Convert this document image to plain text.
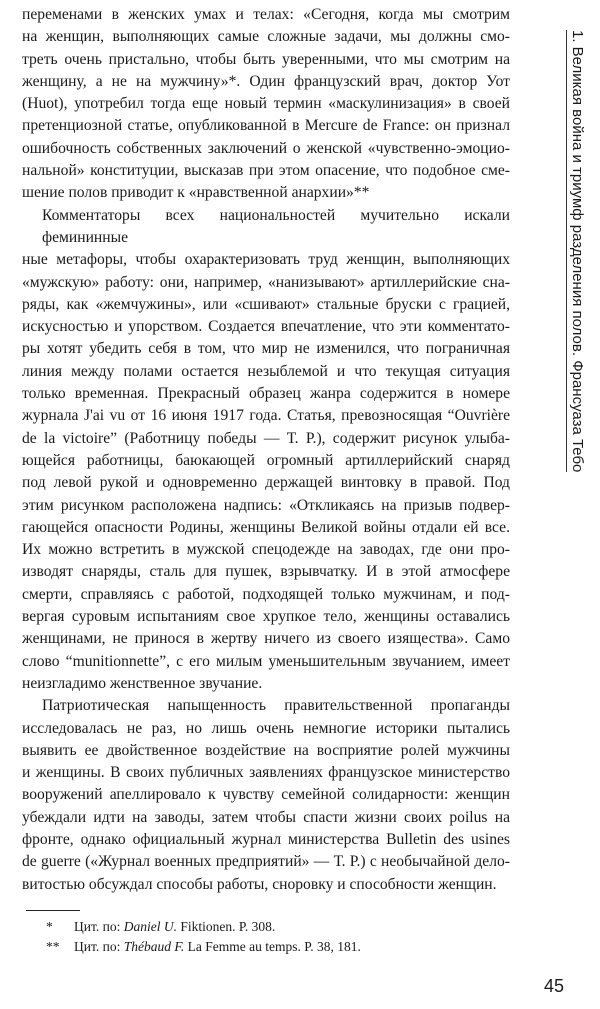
1. Великая война и триумф разделения полов. Франсуаза Тебо
переменами в женских умах и телах: «Сегодня, когда мы смотрим
на женщин, выполняющих самые сложные задачи, мы должны смо-
треть очень пристально, чтобы быть уверенными, что мы смотрим на
женщину, а не на мужчину»*. Один французский врач, доктор Уот
(Huot), употребил тогда еще новый термин «маскулинизация» в своей
претенциозной статье, опубликованной в Mercure de France: он признал
ошибочность собственных заключений о женской «чувственно-эмоцио-
нальной» конституции, высказав при этом опасение, что подобное сме-
шение полов приводит к «нравственной анархии»**
Комментаторы всех национальностей мучительно искали фемининные
ные метафоры, чтобы охарактеризовать труд женщин, выполняющих
«мужскую» работу: они, например, «нанизывают» артиллерийские сна-
ряды, как «жемчужины», или «сшивают» стальные бруски с грацией,
искусностью и упорством. Создается впечатление, что эти комментато-
ры хотят убедить себя в том, что мир не изменился, что пограничная
линия между полами остается незыблемой и что текущая ситуация
только временная. Прекрасный образец жанра содержится в номере
журнала J'ai vu от 16 июня 1917 года. Статья, превозносящая “Ouvrière
de la victoire” (Работницу победы — Т. Р.), содержит рисунок улыба-
ющейся работницы, баюкающей огромный артиллерийский снаряд
под левой рукой и одновременно держащей винтовку в правой. Под
этим рисунком расположена надпись: «Откликаясь на призыв подвер-
гающейся опасности Родины, женщины Великой войны отдали ей все.
Их можно встретить в мужской спецодежде на заводах, где они про-
изводят снаряды, сталь для пушек, взрывчатку. И в этой атмосфере
смерти, справляясь с работой, подходящей только мужчинам, и под-
вергая суровым испытаниям свое хрупкое тело, женщины оставались
женщинами, не принося в жертву ничего из своего изящества». Само
слово “munitionnette”, с его милым уменьшительным звучанием, имеет
неизгладимо женственное звучание.
Патриотическая напыщенность правительственной пропаганды
исследовалась не раз, но лишь очень немногие историки пытались
выявить ее двойственное воздействие на восприятие ролей мужчины
и женщины. В своих публичных заявлениях французское министерство
вооружений апеллировало к чувству семейной солидарности: женщин
убеждали идти на заводы, затем чтобы спасти жизни своих poilus на
фронте, однако официальный журнал министерства Bulletin des usines
de guerre («Журнал военных предприятий» — Т. Р.) с необычайной дело-
витостью обсуждал способы работы, сноровку и способности женщин.
* Цит. по: Daniel U. Fiktionen. P. 308.
** Цит. по: Thébaud F. La Femme au temps. P. 38, 181.
45
